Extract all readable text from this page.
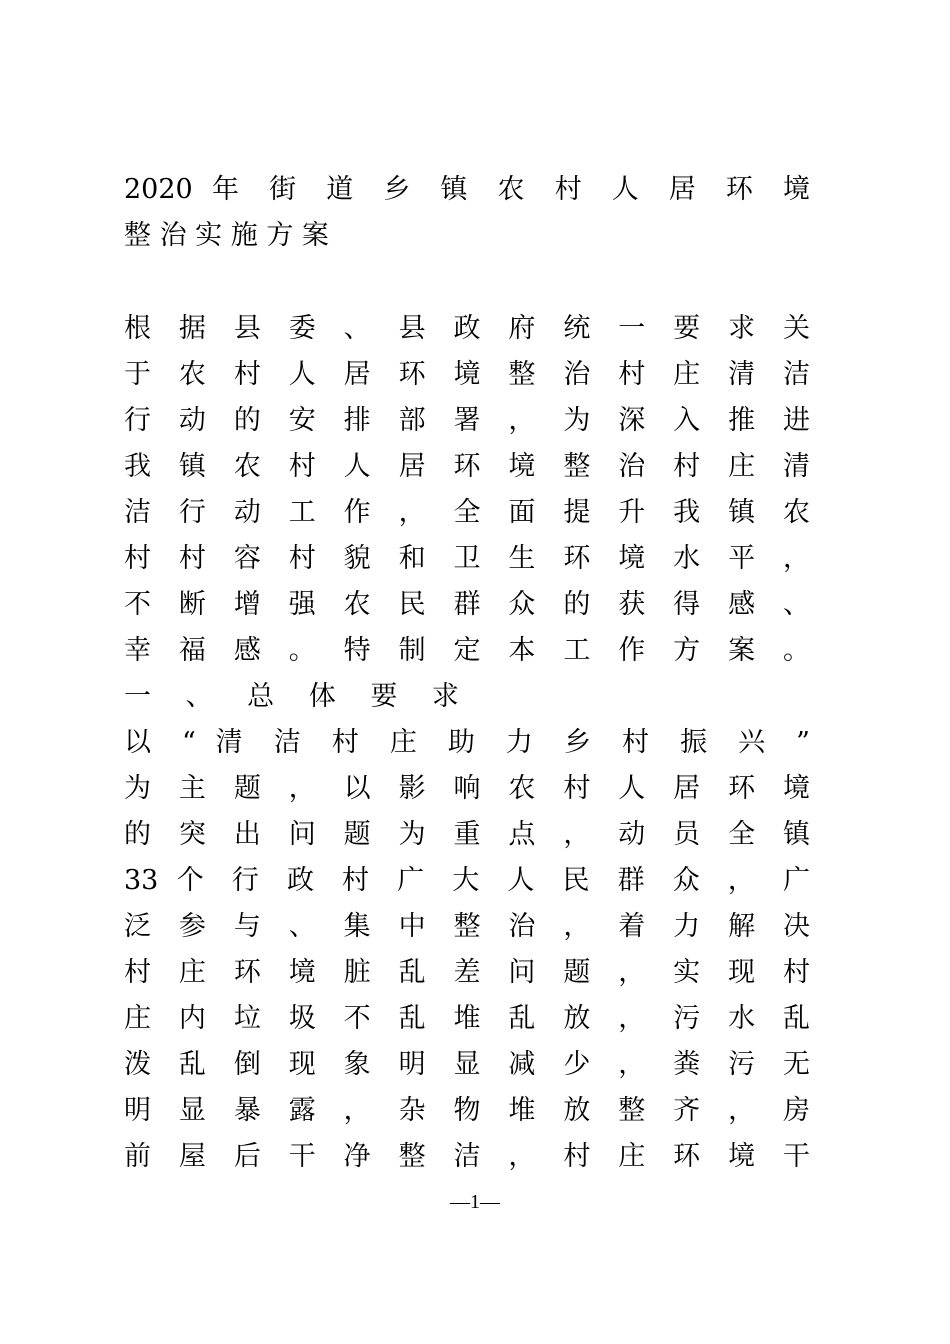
2020 年 街 道 乡 镇 农 村 人 居 环 境
整 治 实 施 方 案
根 据 县 委 、 县 政 府 统 一 要 求 关
于 农 村 人 居 环 境 整 治 村 庄 清 洁
行 动 的 安 排 部 署 ， 为 深 入 推 进
我 镇 农 村 人 居 环 境 整 治 村 庄 清
洁 行 动 工 作 ， 全 面 提 升 我 镇 农
村 村 容 村 貌 和 卫 生 环 境 水 平 ，
不 断 增 强 农 民 群 众 的 获 得 感 、
幸 福 感 。 特 制 定 本 工 作 方 案 。
一 、 总 体 要 求
以 “ 清 洁 村 庄 助 力 乡 村 振 兴 ”
为 主 题 ， 以 影 响 农 村 人 居 环 境
的 突 出 问 题 为 重 点 ， 动 员 全 镇
33 个 行 政 村 广 大 人 民 群 众 ， 广
泛 参 与 、 集 中 整 治 ， 着 力 解 决
村 庄 环 境 脏 乱 差 问 题 ， 实 现 村
庄 内 垃 圾 不 乱 堆 乱 放 ， 污 水 乱
泼 乱 倒 现 象 明 显 减 少 ， 粪 污 无
明 显 暴 露 ， 杂 物 堆 放 整 齐 ， 房
前 屋 后 干 净 整 洁 ， 村 庄 环 境 干
—1—
